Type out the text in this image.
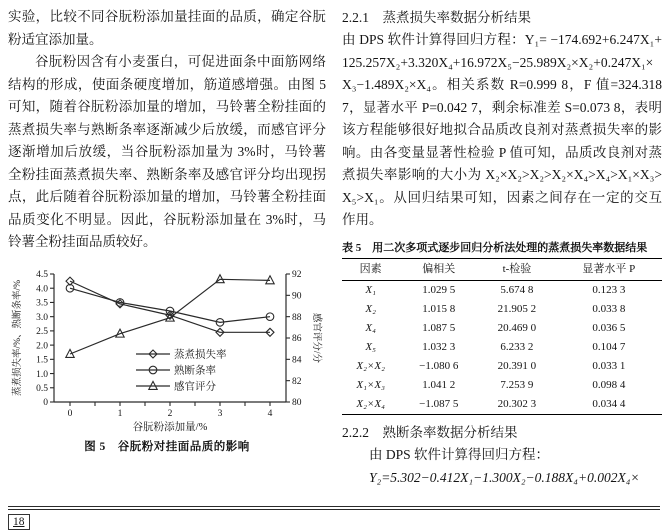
实验，比较不同谷朊粉添加量挂面的品质，确定谷朊粉适宜添加量。

谷朊粉因含有小麦蛋白，可促进面条中面筋网络结构的形成，使面条硬度增加，筋道感增强。由图 5 可知，随着谷朊粉添加量的增加，马铃薯全粉挂面的蒸煮损失率与熟断条率逐渐减少后放缓，而感官评分逐渐增加后放缓，当谷朊粉添加量为 3%时，马铃薯全粉挂面蒸煮损失率、熟断条率及感官评分均出现拐点，此后随着谷朊粉添加量的增加，马铃薯全粉挂面品质变化不明显。因此，谷朊粉添加量在 3%时，马铃薯全粉挂面品质较好。

0
0.5
1.0
1.5
2.0
2.5
3.0
3.5
4.0
4.5
80
82
84
86
88
90
92
0	1	2	3	4
蒸煮损失率/%、熟断条率/%	感官评分/分
谷朊粉添加量/%
蒸煮损失率
熟断条率
感官评分
图 5　谷朊粉对挂面品质的影响
2.2.1　蒸煮损失率数据分析结果

由 DPS 软件计算得回归方程：Y₁= −174.692+6.247X₁+125.257X₂+3.320X₄+16.972X₅−25.989X₂×X₂+0.247X₁×X₃−1.489X₂×X₄。相关系数 R=0.999 8，F 值=324.318 7，显著水平 P=0.042 7，剩余标准差 S=0.073 8，表明该方程能够很好地拟合品质改良剂对蒸煮损失率的影响。由各变量显著性检验 P 值可知，品质改良剂对蒸煮损失率影响的大小为 X₂×X₂>X₂>X₂×X₄>X₄>X₁×X₃>X₅>X₁。从回归结果可知，因素之间存在一定的交互作用。

表 5　用二次多项式逐步回归分析法处理的蒸煮损失率数据结果
因素	偏相关	t-检验	显著水平 P
X₁	1.029 5	5.674 8	0.123 3
X₂	1.015 8	21.905 2	0.033 8
X₄	1.087 5	20.469 0	0.036 5
X₅	1.032 3	6.233 2	0.104 7
X₂×X₂	−1.080 6	20.391 0	0.033 1
X₁×X₃	1.041 2	7.253 9	0.098 4
X₂×X₄	−1.087 5	20.302 3	0.034 4
2.2.2　熟断条率数据分析结果

由 DPS 软件计算得回归方程：

Y₂=5.302−0.412X₁−1.300X₂−0.188X₄+0.002X₄×

18
